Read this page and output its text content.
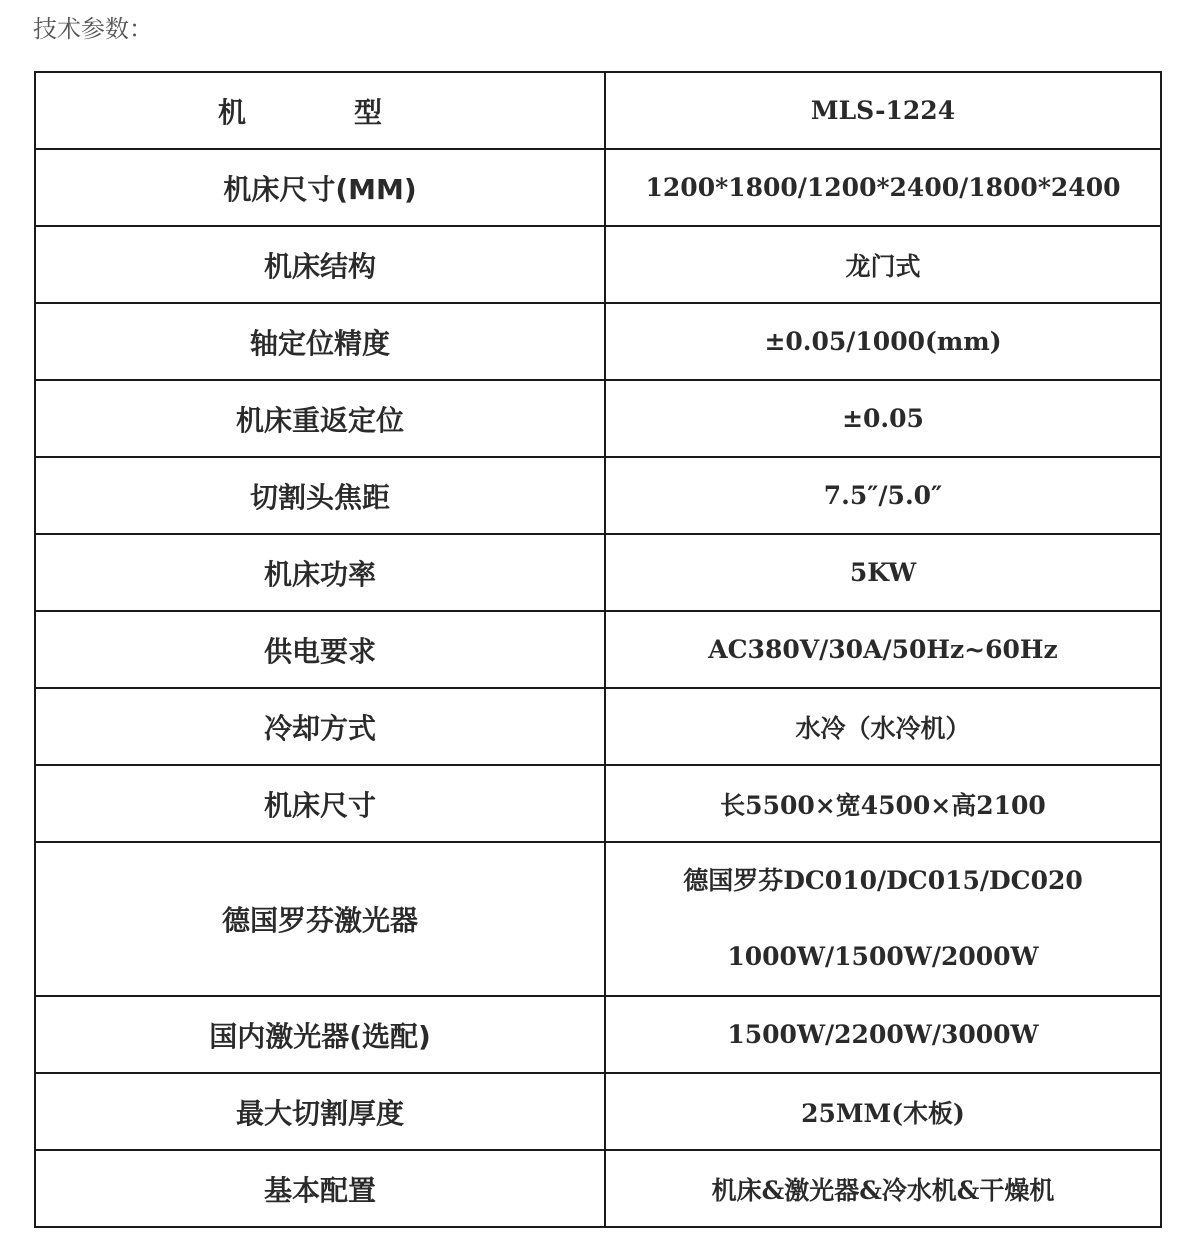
技术参数：
机　型	MLS-1224
机床尺寸(MM)	1200*1800/1200*2400/1800*2400
机床结构	龙门式
轴定位精度	±0.05/1000(mm)
机床重返定位	±0.05
切割头焦距	7.5″/5.0″
机床功率	5KW
供电要求	AC380V/30A/50Hz~60Hz
冷却方式	水冷（水冷机）
机床尺寸	长5500×宽4500×高2100
德国罗芬激光器	德国罗芬DC010/DC015/DC020
1000W/1500W/2000W

国内激光器(选配)	1500W/2200W/3000W
最大切割厚度	25MM(木板)
基本配置	机床&激光器&冷水机&干燥机
